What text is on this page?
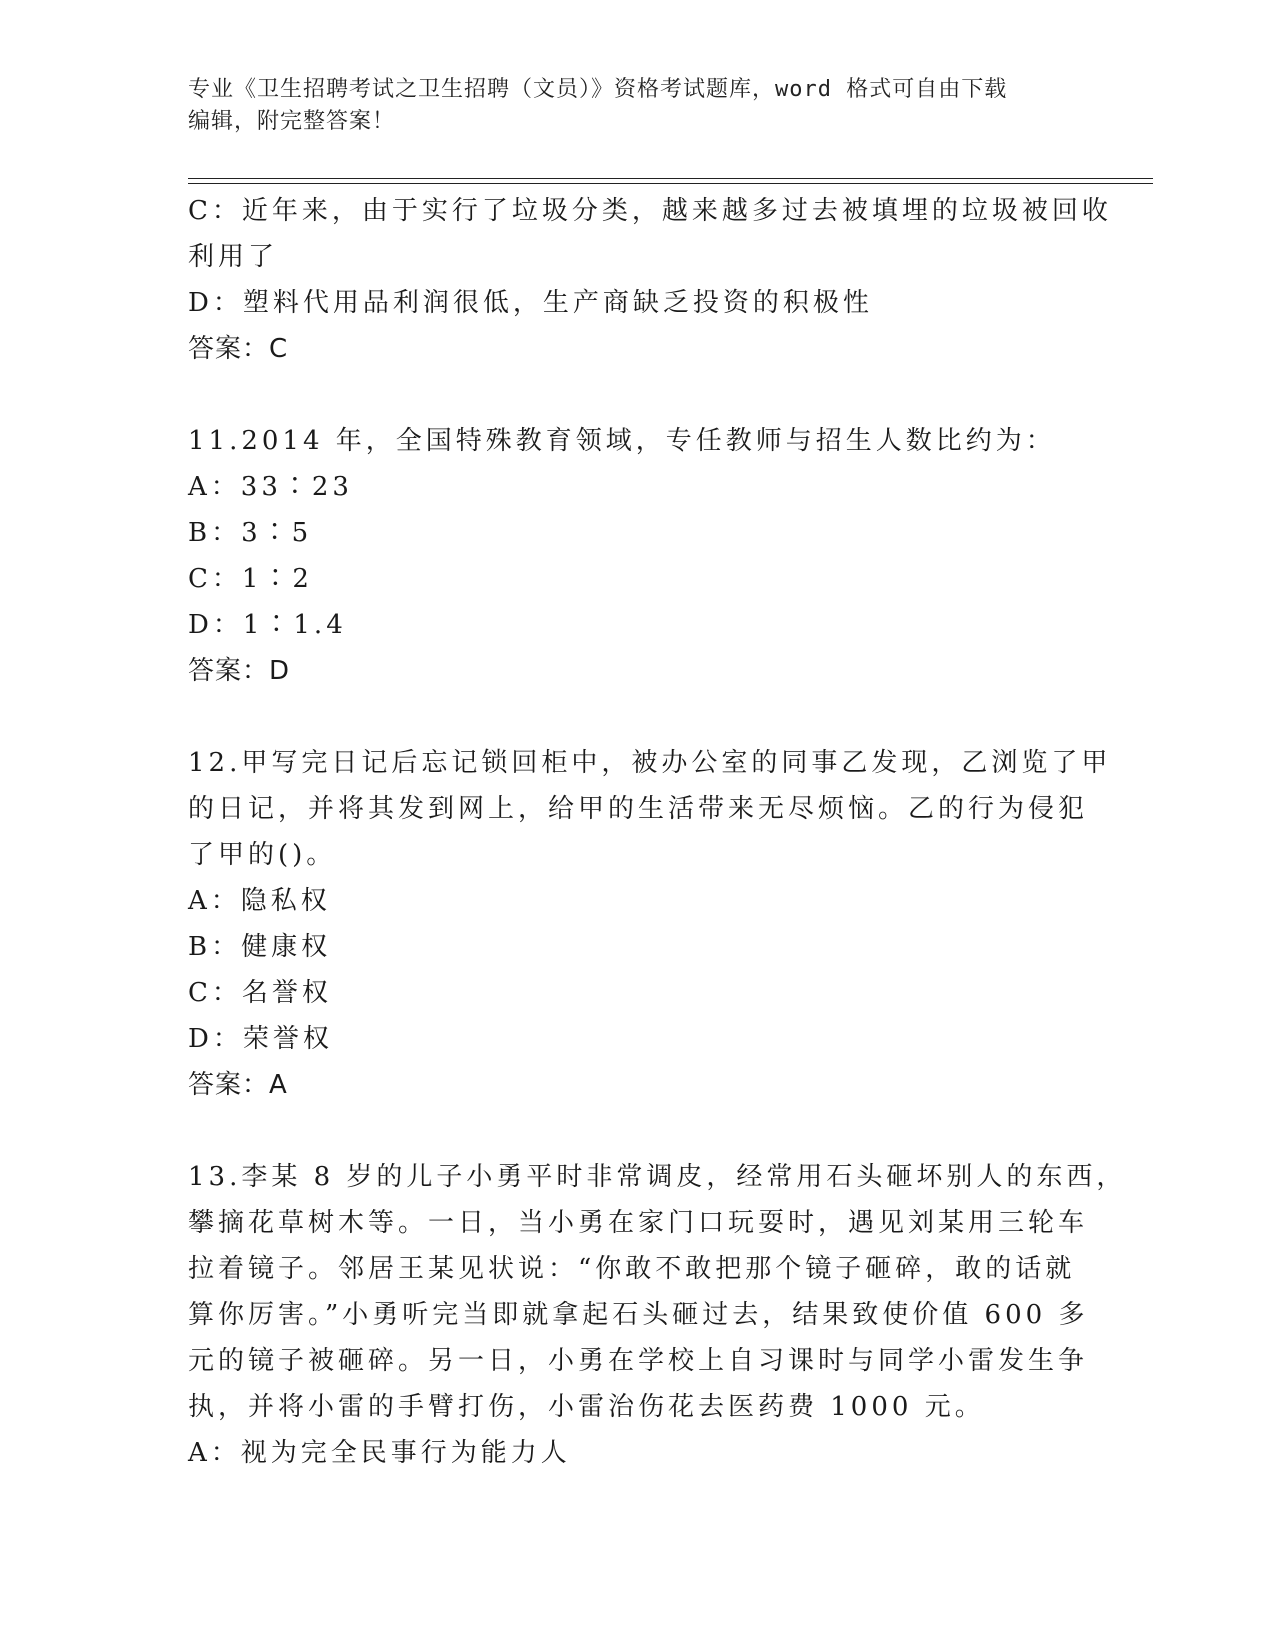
专业《卫生招聘考试之卫生招聘（文员）》资格考试题库，word 格式可自由下载
编辑，附完整答案！
C：近年来，由于实行了垃圾分类，越来越多过去被填埋的垃圾被回收
利用了
D：塑料代用品利润很低，生产商缺乏投资的积极性
答案：C
11.2014 年，全国特殊教育领域，专任教师与招生人数比约为：
A：33∶23
B：3∶5
C：1∶2
D：1∶1.4
答案：D
12.甲写完日记后忘记锁回柜中，被办公室的同事乙发现，乙浏览了甲
的日记，并将其发到网上，给甲的生活带来无尽烦恼。乙的行为侵犯
了甲的()。
A：隐私权
B：健康权
C：名誉权
D：荣誉权
答案：A
13.李某 8 岁的儿子小勇平时非常调皮，经常用石头砸坏别人的东西，
攀摘花草树木等。一日，当小勇在家门口玩耍时，遇见刘某用三轮车
拉着镜子。邻居王某见状说：“你敢不敢把那个镜子砸碎，敢的话就
算你厉害。”小勇听完当即就拿起石头砸过去，结果致使价值 600 多
元的镜子被砸碎。另一日，小勇在学校上自习课时与同学小雷发生争
执，并将小雷的手臂打伤，小雷治伤花去医药费 1000 元。
A：视为完全民事行为能力人
